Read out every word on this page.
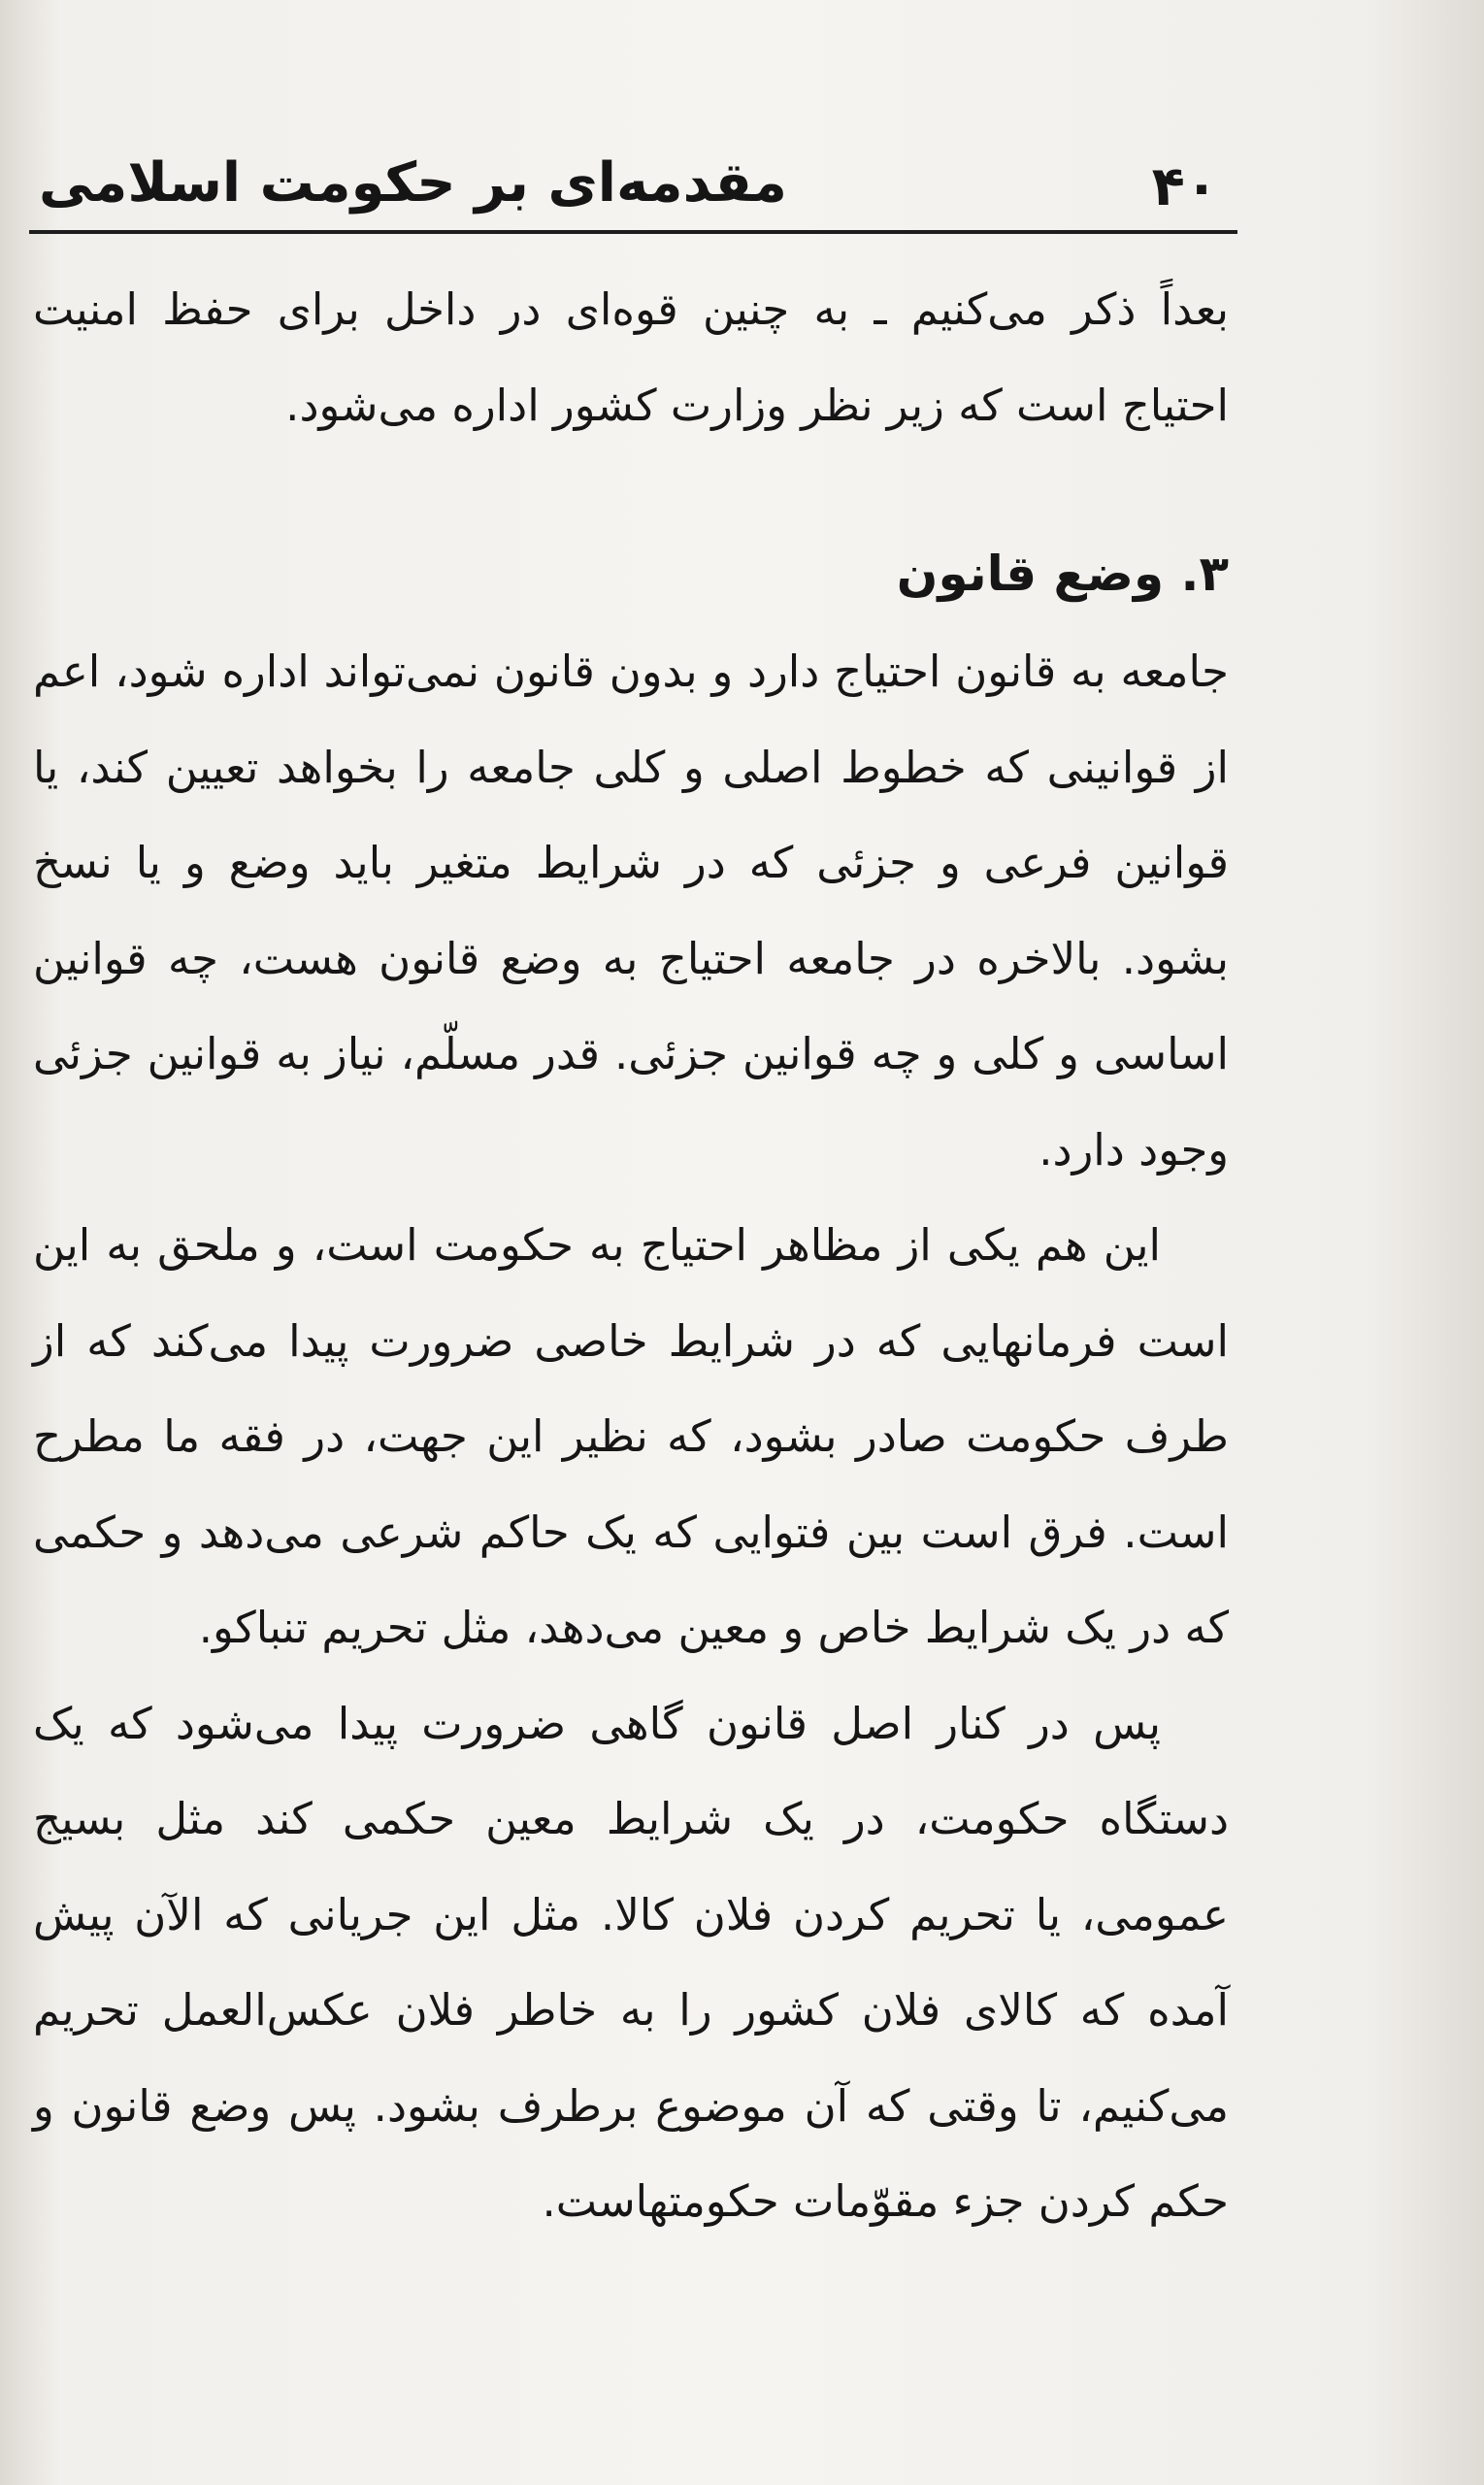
۴۰
مقدمه‌ای بر حکومت اسلامی

بعداً ذکر می‌کنیم ـ به چنین قوه‌ای در داخل برای حفظ امنیت احتیاج است که زیر نظر وزارت کشور اداره می‌شود.

۳. وضع قانون

جامعه به قانون احتیاج دارد و بدون قانون نمی‌تواند اداره شود، اعم از قوانینی که خطوط اصلی و کلی جامعه را بخواهد تعیین کند، یا قوانین فرعی و جزئی که در شرایط متغیر باید وضع و یا نسخ بشود. بالاخره در جامعه احتیاج به وضع قانون هست، چه قوانین اساسی و کلی و چه قوانین جزئی. قدر مسلّم، نیاز به قوانین جزئی وجود دارد.

این هم یکی از مظاهر احتیاج به حکومت است، و ملحق به این است فرمانهایی که در شرایط خاصی ضرورت پیدا می‌کند که از طرف حکومت صادر بشود، که نظیر این جهت، در فقه ما مطرح است. فرق است بین فتوایی که یک حاکم شرعی می‌دهد و حکمی که در یک شرایط خاص و معین می‌دهد، مثل تحریم تنباکو.

پس در کنار اصل قانون گاهی ضرورت پیدا می‌شود که یک دستگاه حکومت، در یک شرایط معین حکمی کند مثل بسیج عمومی، یا تحریم کردن فلان کالا. مثل این جریانی که الآن پیش آمده که کالای فلان کشور را به خاطر فلان عکس‌العمل تحریم می‌کنیم، تا وقتی که آن موضوع برطرف بشود. پس وضع قانون و حکم کردن جزء مقوّمات حکومتهاست.
